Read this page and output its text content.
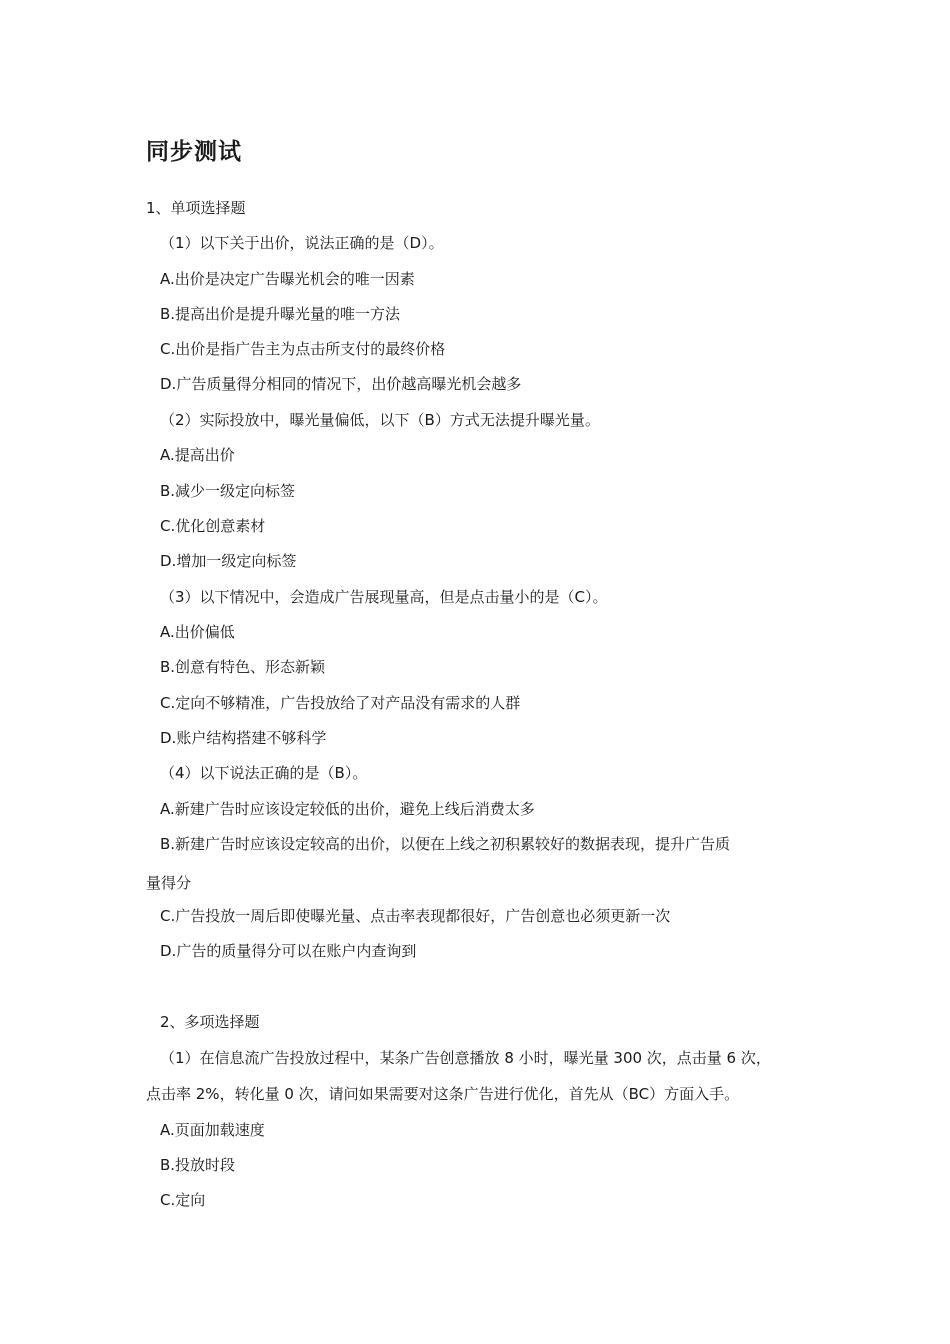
同步测试
1、单项选择题
（1）以下关于出价，说法正确的是（D）。
A.出价是决定广告曝光机会的唯一因素
B.提高出价是提升曝光量的唯一方法
C.出价是指广告主为点击所支付的最终价格
D.广告质量得分相同的情况下，出价越高曝光机会越多
（2）实际投放中，曝光量偏低，以下（B）方式无法提升曝光量。
A.提高出价
B.减少一级定向标签
C.优化创意素材
D.增加一级定向标签
（3）以下情况中，会造成广告展现量高，但是点击量小的是（C）。
A.出价偏低
B.创意有特色、形态新颖
C.定向不够精准，广告投放给了对产品没有需求的人群
D.账户结构搭建不够科学
（4）以下说法正确的是（B）。
A.新建广告时应该设定较低的出价，避免上线后消费太多
B.新建广告时应该设定较高的出价，以便在上线之初积累较好的数据表现，提升广告质
量得分
C.广告投放一周后即使曝光量、点击率表现都很好，广告创意也必须更新一次
D.广告的质量得分可以在账户内查询到
2、多项选择题
（1）在信息流广告投放过程中，某条广告创意播放 8 小时，曝光量 300 次，点击量 6 次，
点击率 2%，转化量 0 次，请问如果需要对这条广告进行优化，首先从（BC）方面入手。
A.页面加载速度
B.投放时段
C.定向
